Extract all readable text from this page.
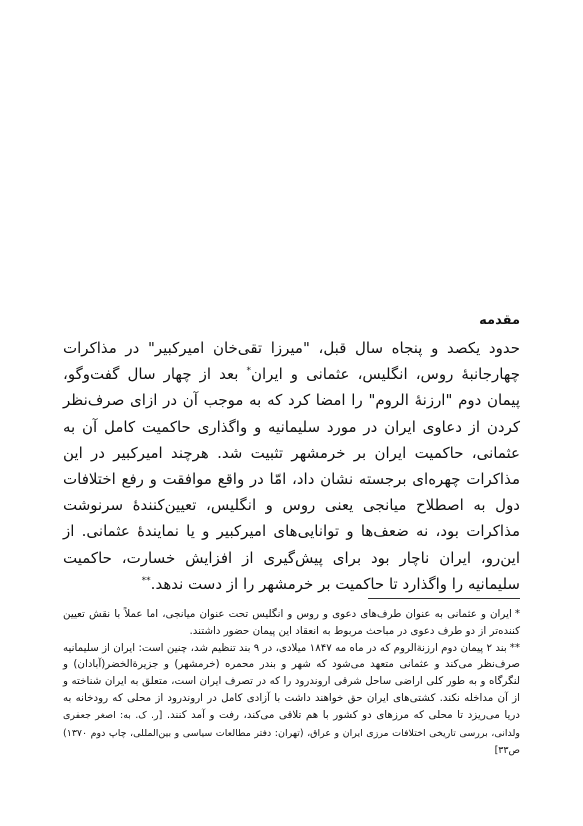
مقدمه

حدود یکصد و پنجاه سال قبل، "میرزا تقی‌خان امیرکبیر" در مذاکرات چهارجانبهٔ روس، انگلیس، عثمانی و ایران* بعد از چهار سال گفت‌وگو، پیمان دوم "ارزنهٔ الروم" را امضا کرد که به موجب آن در ازای صرف‌نظر کردن از دعاوی ایران در مورد سلیمانیه و واگذاری حاکمیت کامل آن به عثمانی، حاکمیت ایران بر خرمشهر تثبیت شد. هرچند امیرکبیر در این مذاکرات چهره‌ای برجسته نشان داد، امّا در واقع موافقت و رفع اختلافات دول به اصطلاح میانجی یعنی روس و انگلیس، تعیین‌کنندهٔ سرنوشت مذاکرات بود، نه ضعف‌ها و توانایی‌های امیرکبیر و یا نمایندهٔ عثمانی. از این‌رو، ایران ناچار بود برای پیش‌گیری از افزایش خسارت، حاکمیت سلیمانیه را واگذارد تا حاکمیت بر خرمشهر را از دست ندهد.**

*ایران و عثمانی به عنوان طرف‌های دعوی و روس و انگلیس تحت عنوان میانجی، اما عملاً با نقش تعیین کننده‌تر از دو طرف دعوی در مباحث مربوط به انعقاد این پیمان حضور داشتند.

**بند ۲ پیمان دوم ارزنةالروم که در ماه مه ۱۸۴۷ میلادی، در ۹ بند تنظیم شد، چنین است: ایران از سلیمانیه صرف‌نظر می‌کند و عثمانی متعهد می‌شود که شهر و بندر محمره (خرمشهر) و جزیرةالخضر(آبادان) و لنگرگاه و به طور کلی اراضی ساحل شرقی اروندرود را که در تصرف ایران است، متعلق به ایران شناخته و از آن مداخله نکند. کشتی‌های ایران حق خواهند داشت با آزادی کامل در اروندرود از محلی که رودخانه به دریا می‌ریزد تا محلی که مرزهای دو کشور با هم تلاقی می‌کند، رفت و آمد کنند. [ر. ک. به: اصغر جعفری ولدانی، بررسی تاریخی اختلافات مرزی ایران و عراق، (تهران: دفتر مطالعات سیاسی و بین‌المللی، چاپ دوم ۱۳۷۰) ص۳۳]
